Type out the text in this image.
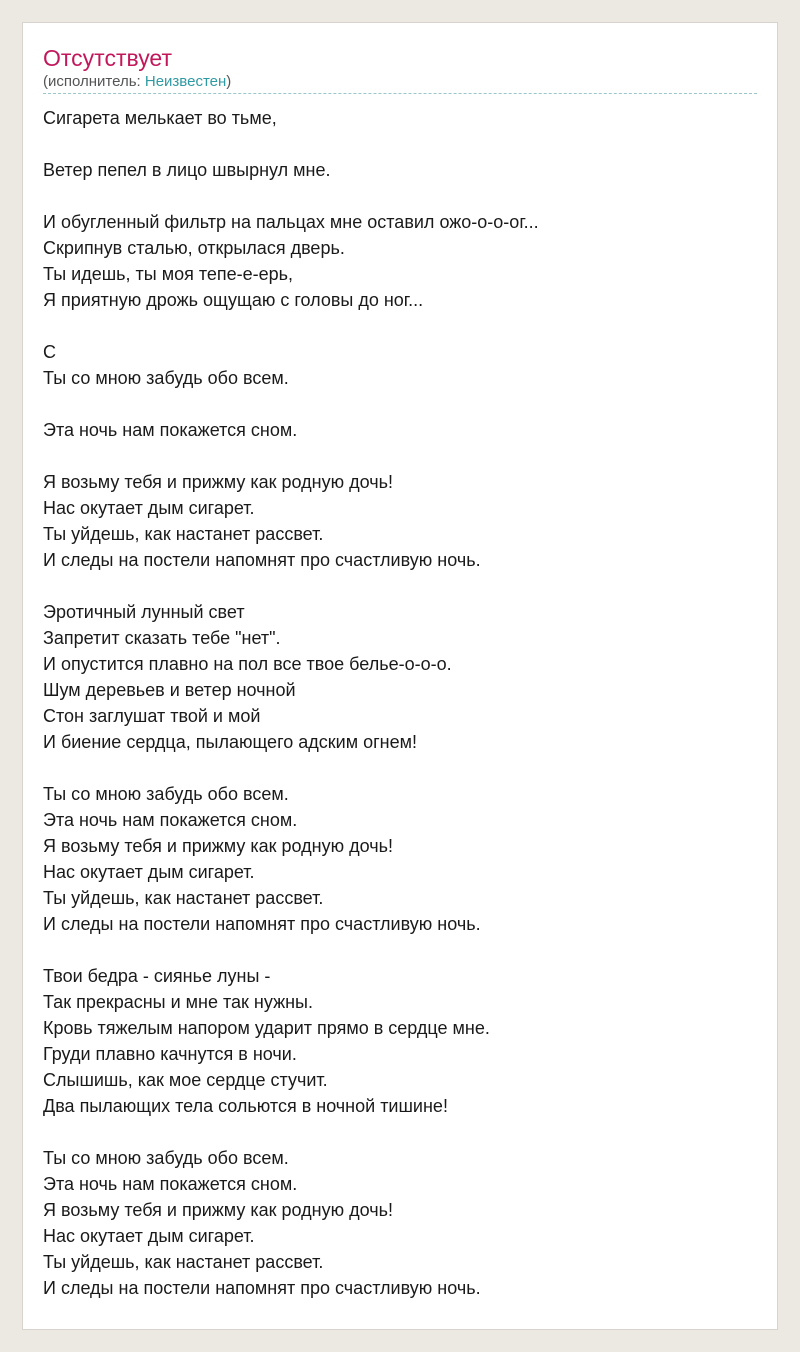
Отсутствует
(исполнитель: Неизвестен)
Сигарета мелькает во тьме,
Ветер пепел в лицо швырнул мне.
И обугленный фильтр на пальцах мне оставил ожо-о-о-ог...
Скрипнув сталью, открылася дверь.
Ты идешь, ты моя тепе-е-ерь,
Я приятную дрожь ощущаю с головы до ног...
C
Ты со мною забудь обо всем.
Эта ночь нам покажется сном.
Я возьму тебя и прижму как родную дочь!
Нас окутает дым сигарет.
Ты уйдешь, как настанет рассвет.
И следы на постели напомнят про счастливую ночь.
Эротичный лунный свет
Запретит сказать тебе "нет".
И опустится плавно на пол все твое белье-о-о-о.
Шум деревьев и ветер ночной
Стон заглушат твой и мой
И биение сердца, пылающего адским огнем!
Ты со мною забудь обо всем.
Эта ночь нам покажется сном.
Я возьму тебя и прижму как родную дочь!
Нас окутает дым сигарет.
Ты уйдешь, как настанет рассвет.
И следы на постели напомнят про счастливую ночь.
Твои бедра - сиянье луны -
Так прекрасны и мне так нужны.
Кровь тяжелым напором ударит прямо в сердце мне.
Груди плавно качнутся в ночи.
Слышишь, как мое сердце стучит.
Два пылающих тела сольются в ночной тишине!
Ты со мною забудь обо всем.
Эта ночь нам покажется сном.
Я возьму тебя и прижму как родную дочь!
Нас окутает дым сигарет.
Ты уйдешь, как настанет рассвет.
И следы на постели напомнят про счастливую ночь.
